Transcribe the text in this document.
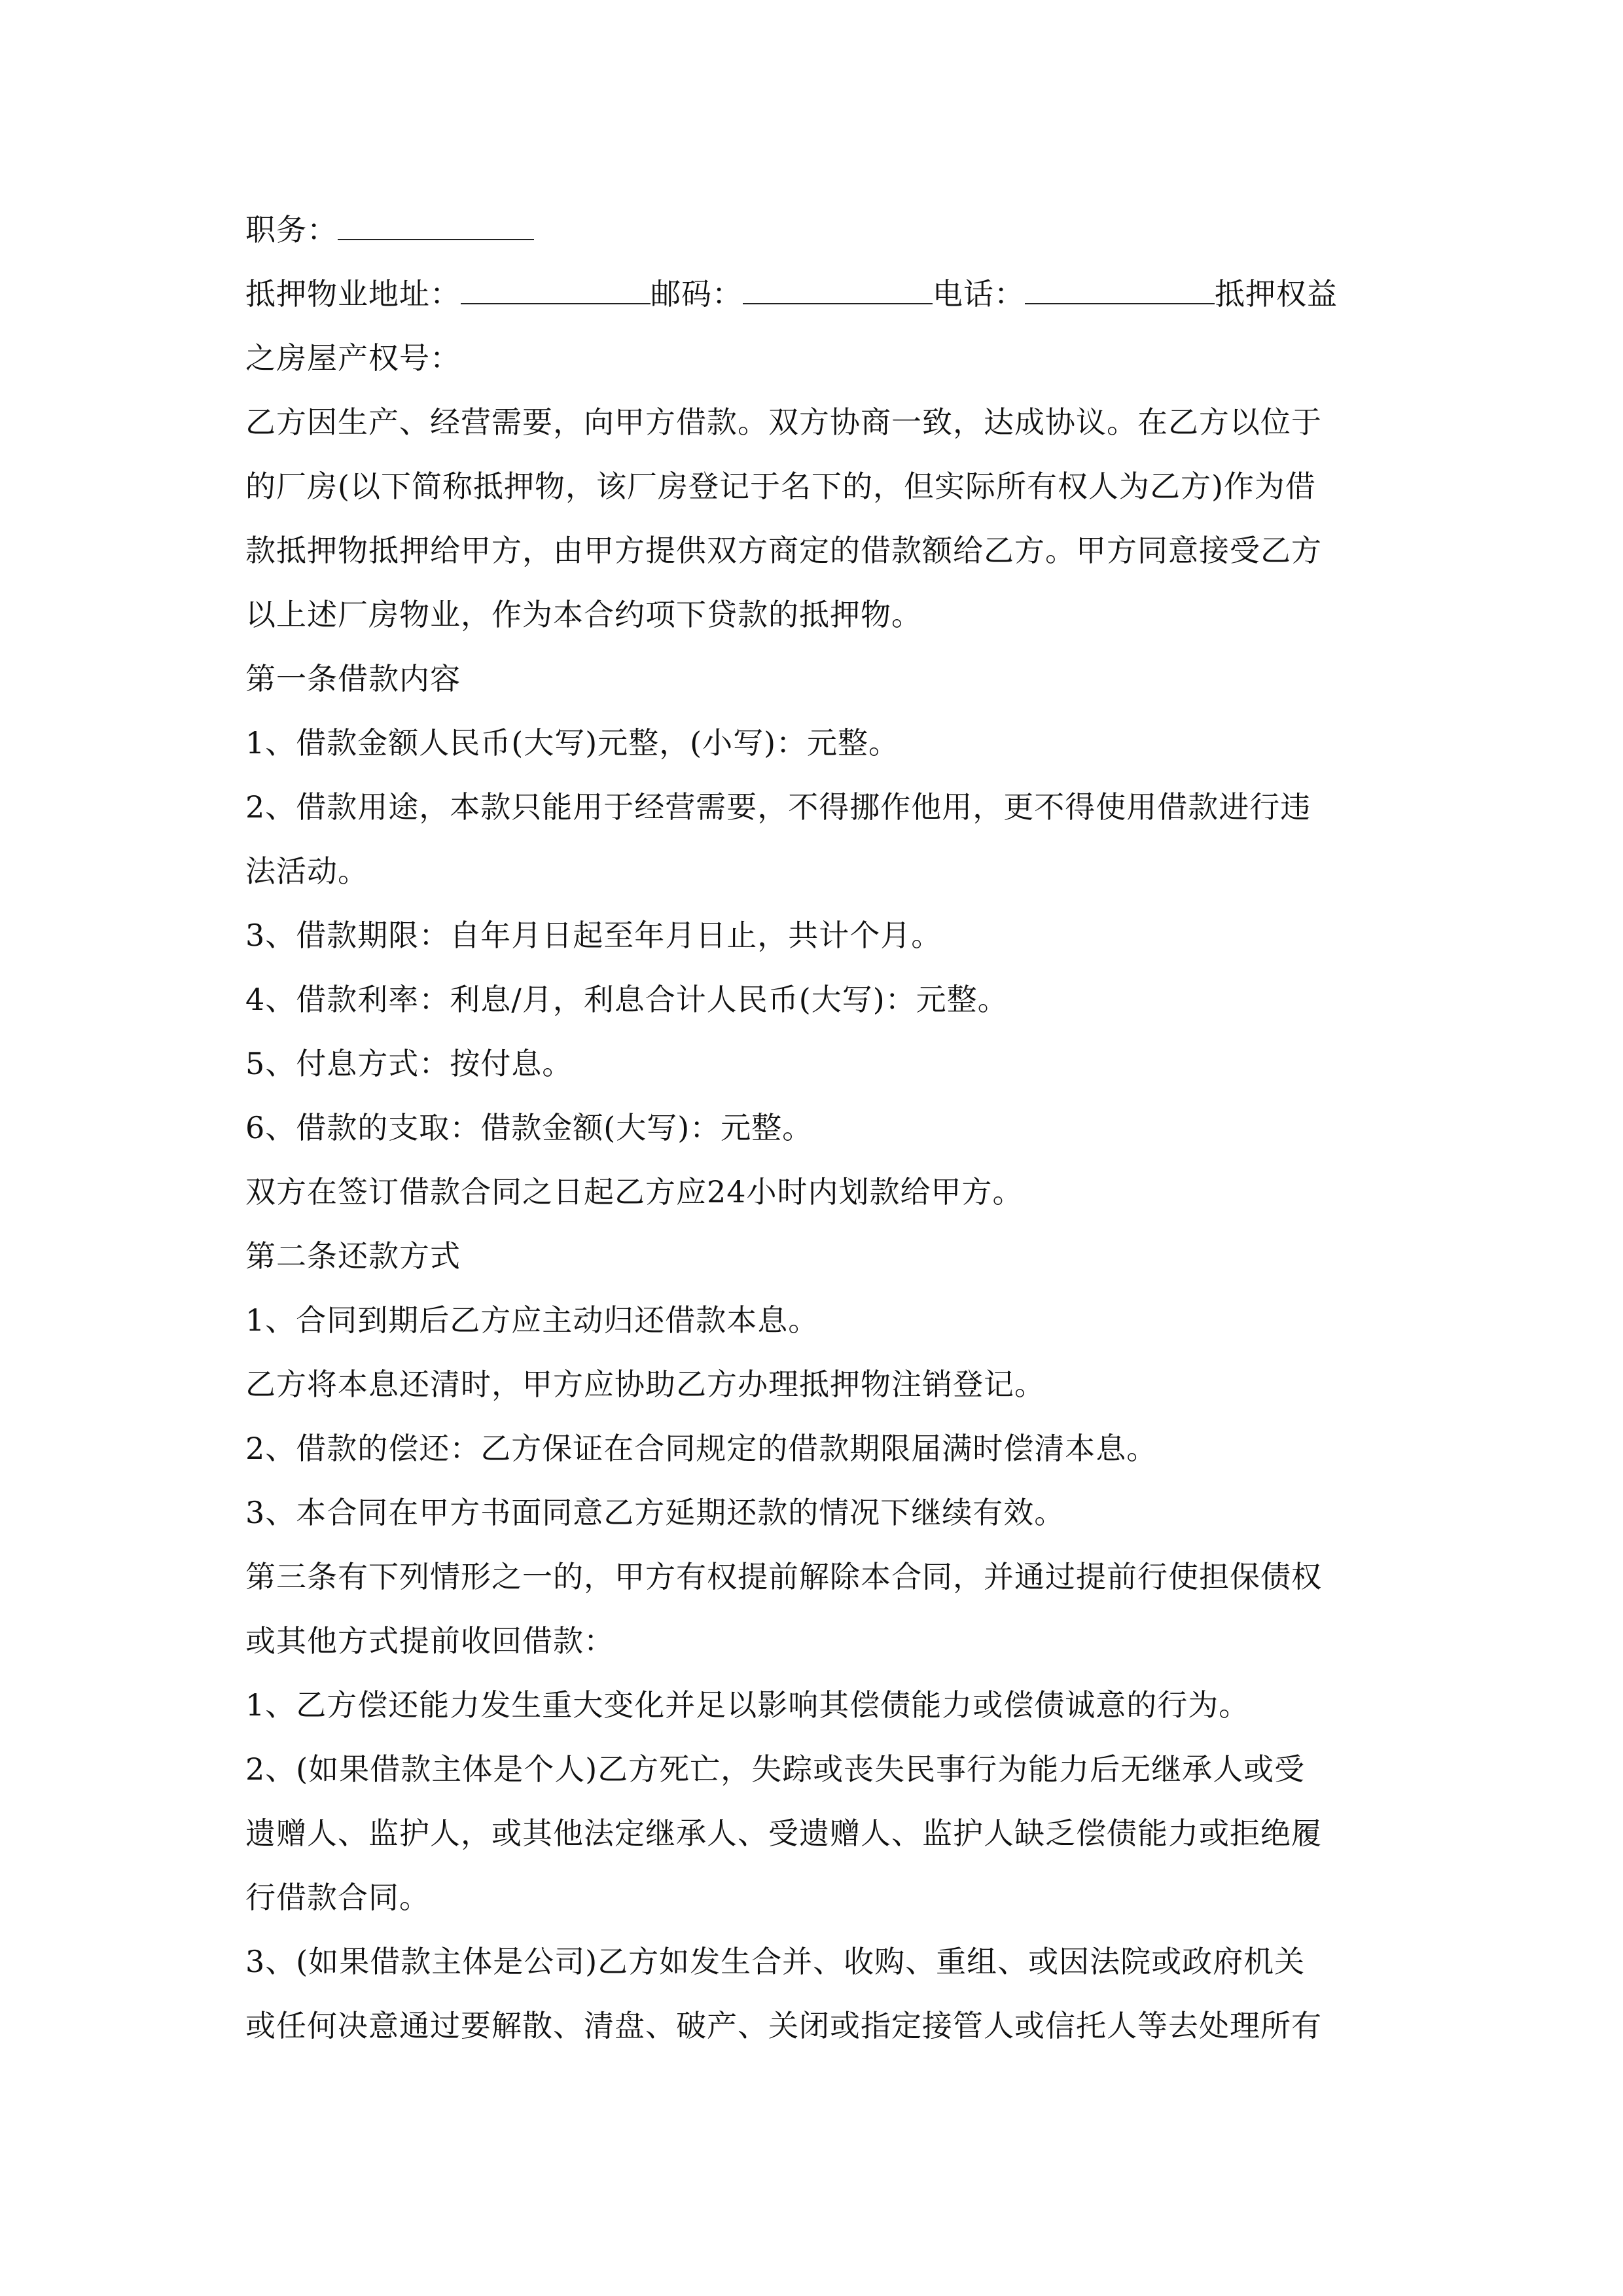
职务：
抵押物业地址：	邮码：	电话：	抵押权益
之房屋产权号：
乙方因生产、经营需要，向甲方借款。双方协商一致，达成协议。在乙方以位于
的厂房(以下简称抵押物，该厂房登记于名下的，但实际所有权人为乙方)作为借
款抵押物抵押给甲方，由甲方提供双方商定的借款额给乙方。甲方同意接受乙方
以上述厂房物业，作为本合约项下贷款的抵押物。
第一条借款内容
1、借款金额人民币(大写)元整，(小写)：元整。
2、借款用途，本款只能用于经营需要，不得挪作他用，更不得使用借款进行违
法活动。
3、借款期限：自年月日起至年月日止，共计个月。
4、借款利率：利息/月，利息合计人民币(大写)：元整。
5、付息方式：按付息。
6、借款的支取：借款金额(大写)：元整。
双方在签订借款合同之日起乙方应24小时内划款给甲方。
第二条还款方式
1、合同到期后乙方应主动归还借款本息。
乙方将本息还清时，甲方应协助乙方办理抵押物注销登记。
2、借款的偿还：乙方保证在合同规定的借款期限届满时偿清本息。
3、本合同在甲方书面同意乙方延期还款的情况下继续有效。
第三条有下列情形之一的，甲方有权提前解除本合同，并通过提前行使担保债权
或其他方式提前收回借款：
1、乙方偿还能力发生重大变化并足以影响其偿债能力或偿债诚意的行为。
2、(如果借款主体是个人)乙方死亡，失踪或丧失民事行为能力后无继承人或受
遗赠人、监护人，或其他法定继承人、受遗赠人、监护人缺乏偿债能力或拒绝履
行借款合同。
3、(如果借款主体是公司)乙方如发生合并、收购、重组、或因法院或政府机关
或任何决意通过要解散、清盘、破产、关闭或指定接管人或信托人等去处理所有
